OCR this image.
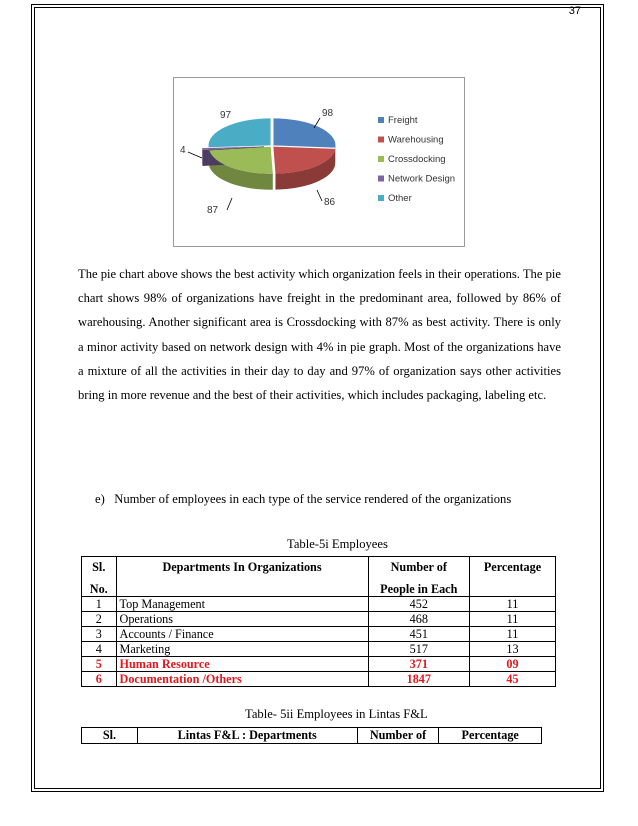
37
98
86
87
4
97	Freight
Warehousing
Crossdocking
Network Design
Other
The pie chart above shows the best activity which organization feels in their operations. The pie chart shows 98% of organizations have freight in the predominant area, followed by 86% of warehousing. Another significant area is Crossdocking with 87% as best activity. There is only a minor activity based on network design with 4% in pie graph. Most of the organizations have a mixture of all the activities in their day to day and 97% of organization says other activities bring in more revenue and the best of their activities, which includes packaging, labeling etc.
e)   Number of employees in each type of the service rendered of the organizations
Table-5i Employees
Sl.	Departments In Organizations	Number of	Percentage
No.		People in Each	
1	Top Management	452	11
2	Operations	468	11
3	Accounts / Finance	451	11
4	Marketing	517	13
5	Human Resource	371	09
6	Documentation /Others	1847	45
Table- 5ii Employees in Lintas F&L
Sl.	Lintas F&L : Departments	Number of	Percentage
